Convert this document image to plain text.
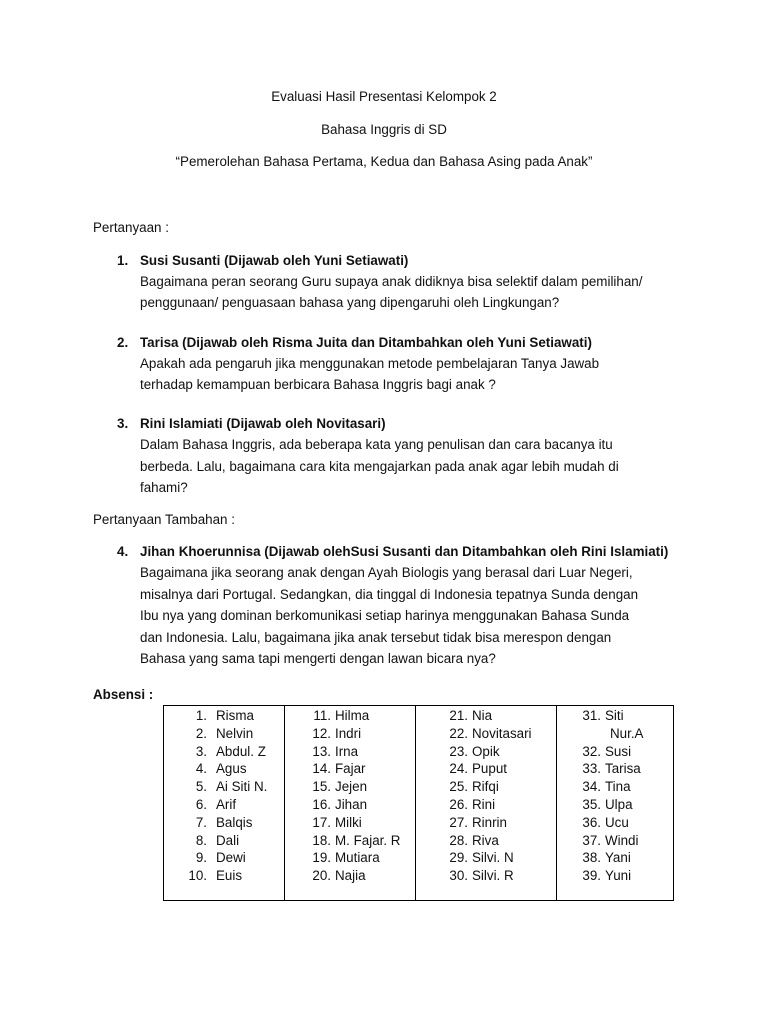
Evaluasi Hasil Presentasi Kelompok 2
Bahasa Inggris di SD
“Pemerolehan Bahasa Pertama, Kedua dan Bahasa Asing pada Anak”
Pertanyaan :
1. Susi Susanti (Dijawab oleh Yuni Setiawati)
Bagaimana peran seorang Guru supaya anak didiknya bisa selektif dalam pemilihan/
penggunaan/ penguasaan bahasa yang dipengaruhi oleh Lingkungan?
2. Tarisa (Dijawab oleh Risma Juita dan Ditambahkan oleh Yuni Setiawati)
Apakah ada pengaruh jika menggunakan metode pembelajaran Tanya Jawab
terhadap kemampuan berbicara Bahasa Inggris bagi anak ?
3. Rini Islamiati (Dijawab oleh Novitasari)
Dalam Bahasa Inggris, ada beberapa kata yang penulisan dan cara bacanya itu
berbeda. Lalu, bagaimana cara kita mengajarkan pada anak agar lebih mudah di
fahami?
Pertanyaan Tambahan :
4. Jihan Khoerunnisa (Dijawab olehSusi Susanti dan Ditambahkan oleh Rini Islamiati)
Bagaimana jika seorang anak dengan Ayah Biologis yang berasal dari Luar Negeri,
misalnya dari Portugal. Sedangkan, dia tinggal di Indonesia tepatnya Sunda dengan
Ibu nya yang dominan berkomunikasi setiap harinya menggunakan Bahasa Sunda
dan Indonesia. Lalu, bagaimana jika anak tersebut tidak bisa merespon dengan
Bahasa yang sama tapi mengerti dengan lawan bicara nya?
Absensi :
1. Risma
2. Nelvin
3. Abdul. Z
4. Agus
5. Ai Siti N.
6. Arif
7. Balqis
8. Dali
9. Dewi
10. Euis
11. Hilma
12. Indri
13. Irna
14. Fajar
15. Jejen
16. Jihan
17. Milki
18. M. Fajar. R
19. Mutiara
20. Najia
21. Nia
22. Novitasari
23. Opik
24. Puput
25. Rifqi
26. Rini
27. Rinrin
28. Riva
29. Silvi. N
30. Silvi. R
31. Siti
Nur.A
32. Susi
33. Tarisa
34. Tina
35. Ulpa
36. Ucu
37. Windi
38. Yani
39. Yuni
